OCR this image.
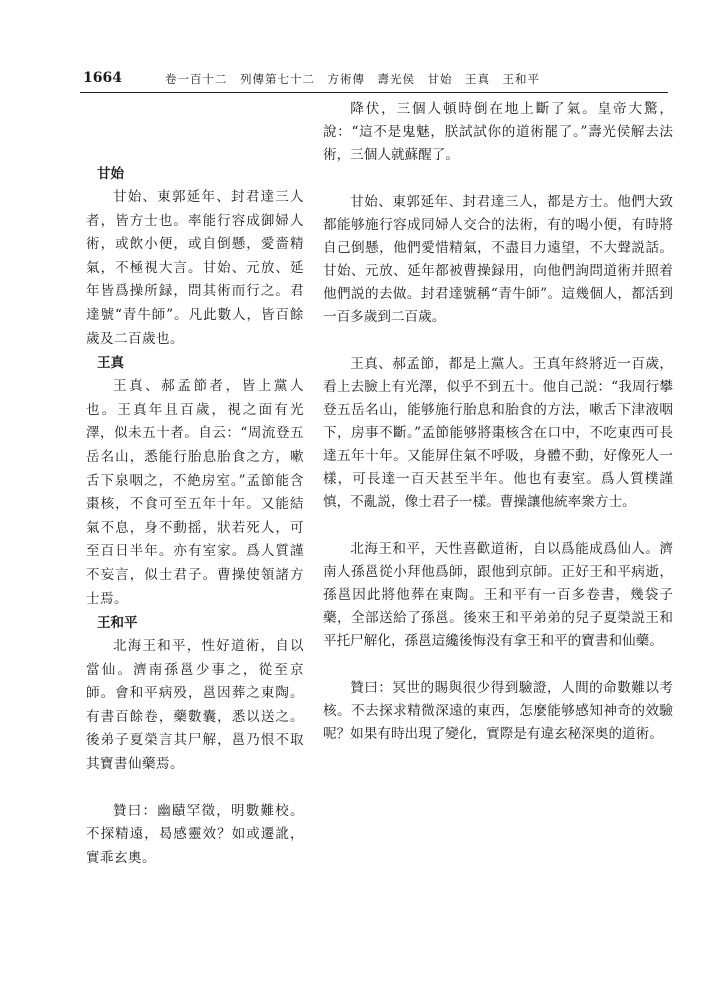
1664	卷一百十二　列傳第七十二　方術傳　壽光侯　甘始　王真　王和平
甘始

甘始、東郭延年、封君達三人者，皆方士也。率能行容成御婦人術，或飲小便，或自倒懸，愛嗇精氣，不極視大言。甘始、元放、延年皆爲操所録，問其術而行之。君達號“青牛師”。凡此數人，皆百餘歲及二百歲也。

王真

王真、郝孟節者，皆上黨人也。王真年且百歲，視之面有光澤，似未五十者。自云：“周流登五岳名山，悉能行胎息胎食之方，嗽舌下泉咽之，不絶房室。”孟節能含棗核，不食可至五年十年。又能結氣不息，身不動摇，狀若死人，可至百日半年。亦有室家。爲人質謹不妄言，似士君子。曹操使領諸方士焉。

王和平

北海王和平，性好道術，自以當仙。濟南孫邕少事之，從至京師。會和平病殁，邕因葬之東陶。有書百餘卷，藥數囊，悉以送之。後弟子夏榮言其尸解，邕乃恨不取其寶書仙藥焉。

贊曰：幽賾罕徵，明數難校。不探精遠，曷感靈效？如或遷訛，實乖玄奧。

降伏，三個人頓時倒在地上斷了氣。皇帝大驚，說：“這不是鬼魅，朕試試你的道術罷了。”壽光侯解去法術，三個人就蘇醒了。

甘始、東郭延年、封君達三人，都是方士。他們大致都能够施行容成同婦人交合的法術，有的喝小便，有時將自己倒懸，他們愛惜精氣，不盡目力遠望，不大聲説話。甘始、元放、延年都被曹操録用，向他們詢問道術并照着他們説的去做。封君達號稱“青牛師”。這幾個人，都活到一百多歲到二百歲。

王真、郝孟節，都是上黨人。王真年終將近一百歲，看上去臉上有光澤，似乎不到五十。他自己説：“我周行攀登五岳名山，能够施行胎息和胎食的方法，嗽舌下津液咽下，房事不斷。”孟節能够將棗核含在口中，不吃東西可長達五年十年。又能屏住氣不呼吸，身體不動，好像死人一樣，可長達一百天甚至半年。他也有妻室。爲人質樸謹慎，不亂説，像士君子一樣。曹操讓他統率衆方士。

北海王和平，天性喜歡道術，自以爲能成爲仙人。濟南人孫邕從小拜他爲師，跟他到京師。正好王和平病逝，孫邕因此將他葬在東陶。王和平有一百多卷書，幾袋子藥，全部送給了孫邕。後來王和平弟弟的兒子夏榮説王和平托尸解化，孫邕這纔後悔没有拿王和平的寶書和仙藥。

贊曰：冥世的賜與很少得到驗證，人間的命數難以考核。不去探求精微深遠的東西，怎麼能够感知神奇的效驗呢？如果有時出現了變化，實際是有違玄秘深奥的道術。
